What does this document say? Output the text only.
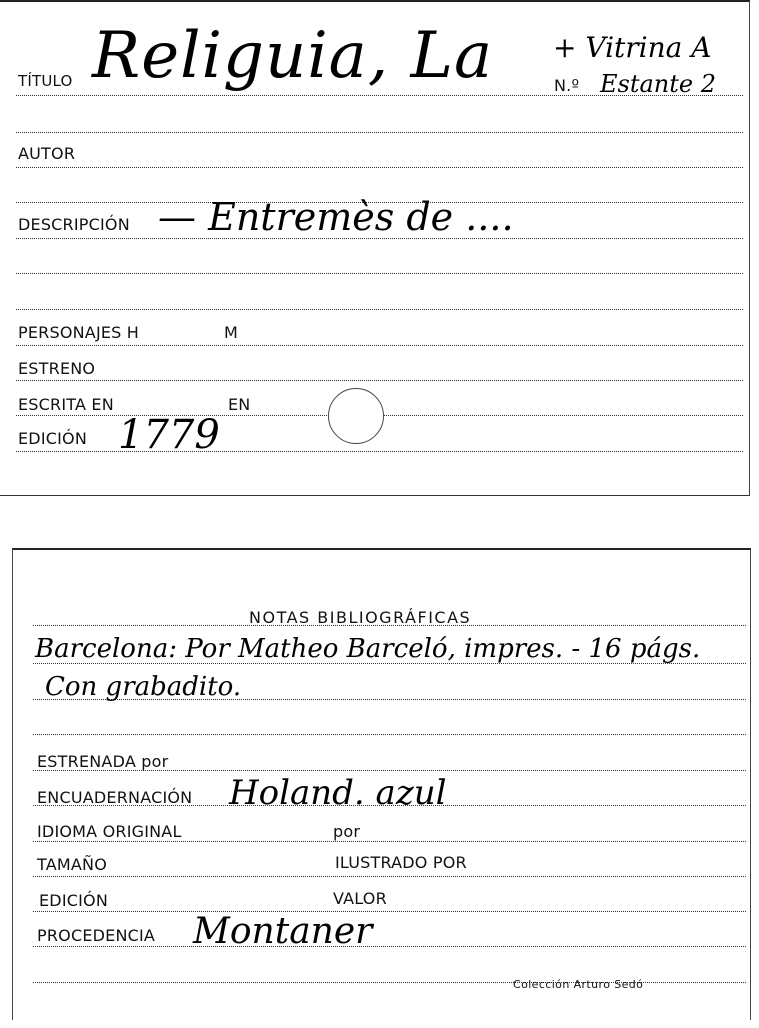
TÍTULO Religuia, La + Vitrina A
N.º Estante 2
AUTOR
DESCRIPCIÓN — Entremès de ....
PERSONAJES H	M
ESTRENO
ESCRITA EN	EN
EDICIÓN 1779
NOTAS BIBLIOGRÁFICAS
Barcelona: Por Matheo Barceló, impres. - 16 págs.
Con grabadito.
ESTRENADA por
ENCUADERNACIÓN Holand. azul
IDIOMA ORIGINAL	por
TAMAÑO	ILUSTRADO POR
EDICIÓN	VALOR
PROCEDENCIA Montaner
Colección Arturo Sedó
